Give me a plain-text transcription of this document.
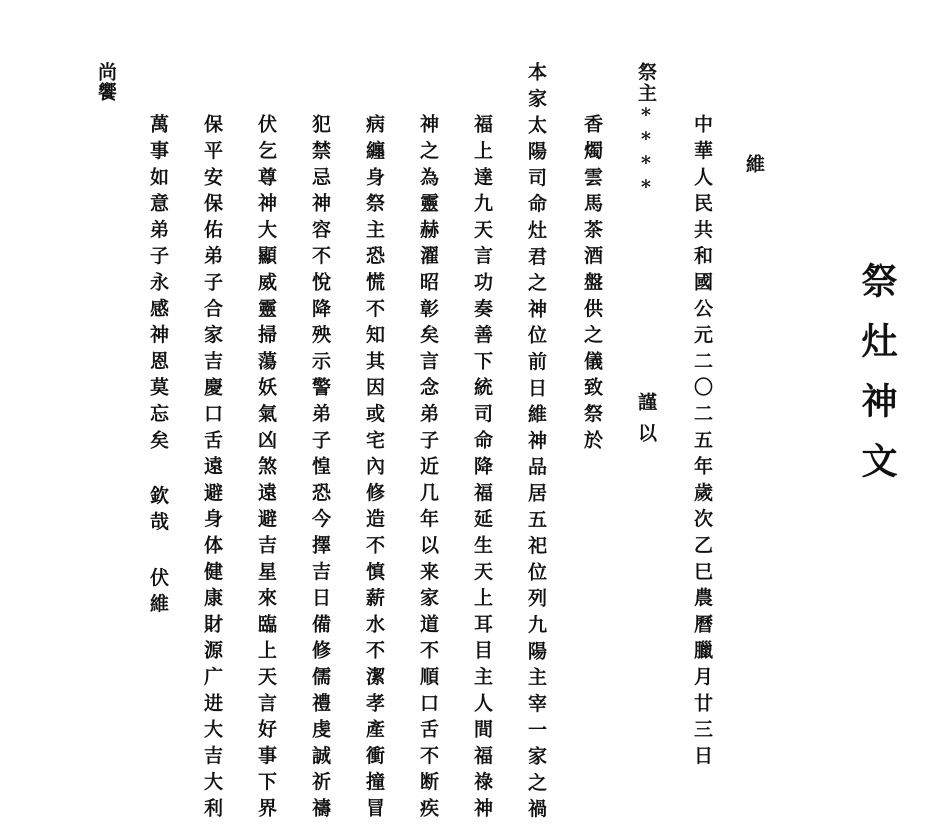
祭灶神文
維
中華人民共和國公元二〇二五年歲次乙巳農曆臘月廿三日
祭主****
謹以
香燭雲馬茶酒盤供之儀致祭於
本家太陽司命灶君之神位前日維神品居五祀位列九陽主宰一家之禍
福上達九天言功奏善下統司命降福延生天上耳目主人間福祿神
神之為靈赫濯昭彰矣言念弟子近几年以来家道不順口舌不断疾
病纏身祭主恐慌不知其因或宅內修造不慎薪水不潔孝產衝撞冒
犯禁忌神容不悅降殃示警弟子惶恐今擇吉日備修儒禮虔誠祈禱
伏乞尊神大顯威靈掃蕩妖氣凶煞遠避吉星來臨上天言好事下界
保平安保佑弟子合家吉慶口舌遠避身体健康財源广进大吉大利
萬事如意弟子永感神恩莫忘矣 欽哉 伏維
尚饗
